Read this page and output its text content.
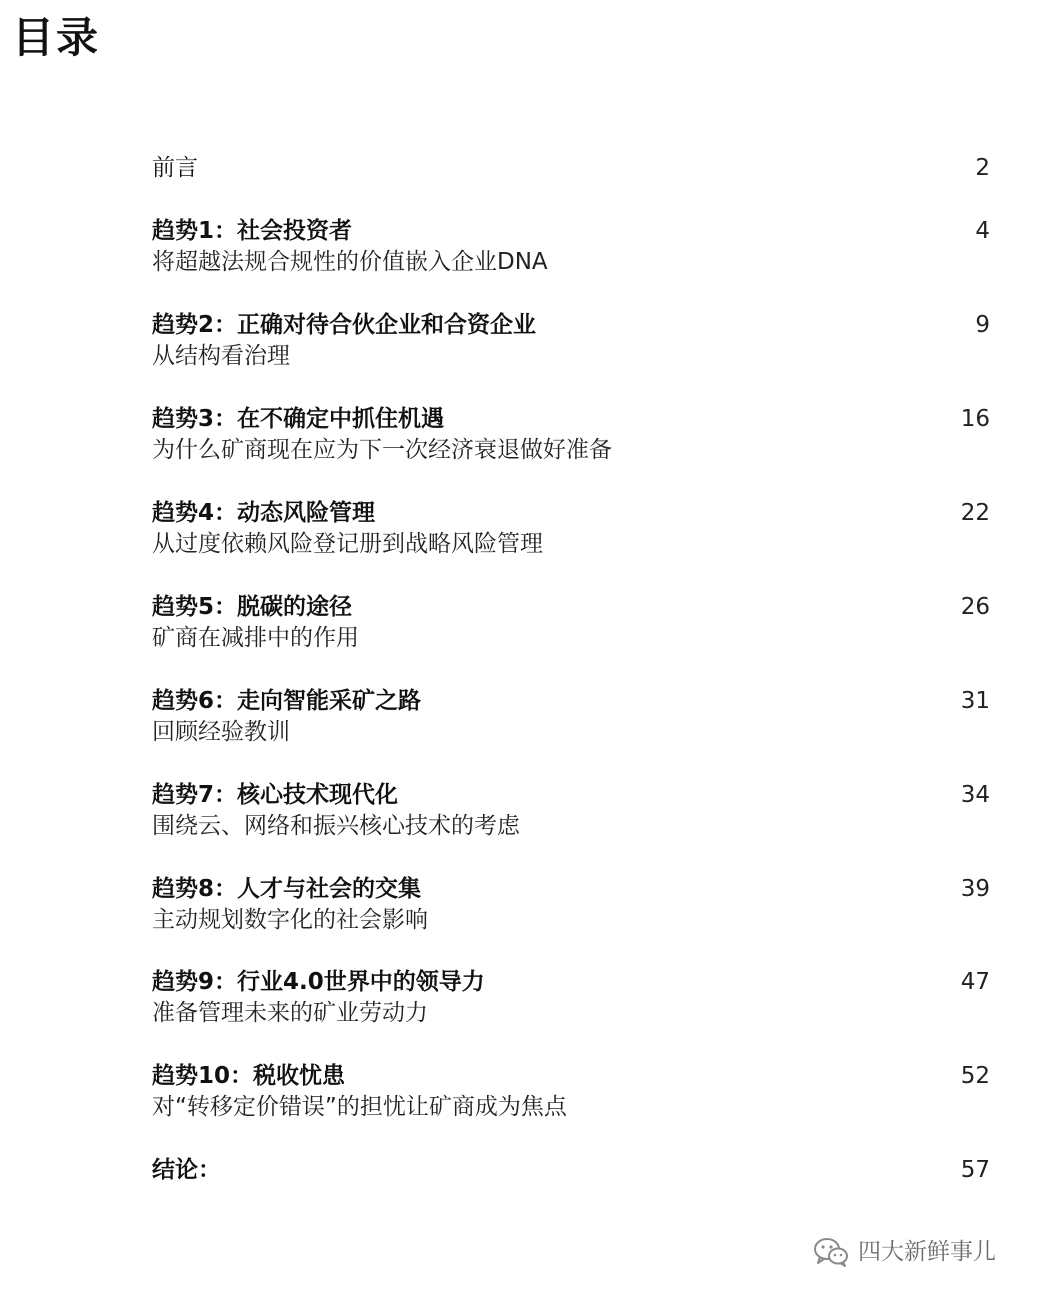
目录
前言	2
趋势1：社会投资者	4
将超越法规合规性的价值嵌入企业DNA
趋势2：正确对待合伙企业和合资企业	9
从结构看治理
趋势3：在不确定中抓住机遇	16
为什么矿商现在应为下一次经济衰退做好准备
趋势4：动态风险管理	22
从过度依赖风险登记册到战略风险管理
趋势5：脱碳的途径	26
矿商在减排中的作用
趋势6：走向智能采矿之路	31
回顾经验教训
趋势7：核心技术现代化	34
围绕云、网络和振兴核心技术的考虑
趋势8：人才与社会的交集	39
主动规划数字化的社会影响
趋势9：行业4.0世界中的领导力	47
准备管理未来的矿业劳动力
趋势10：税收忧患	52
对“转移定价错误”的担忧让矿商成为焦点
结论：	57
四大新鲜事儿
